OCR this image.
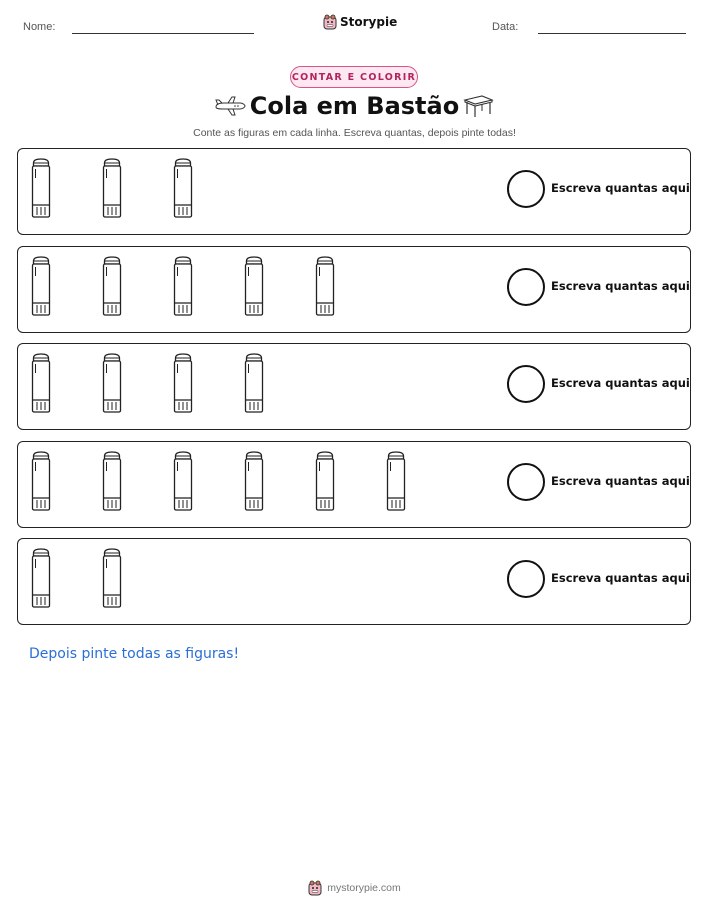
Nome:	Storypie	Data:
CONTAR E COLORIR
Cola em Bastão
Conte as figuras em cada linha. Escreva quantas, depois pinte todas!
Escreva quantas aqui
Escreva quantas aqui
Escreva quantas aqui
Escreva quantas aqui
Escreva quantas aqui
Depois pinte todas as figuras!
mystorypie.com
